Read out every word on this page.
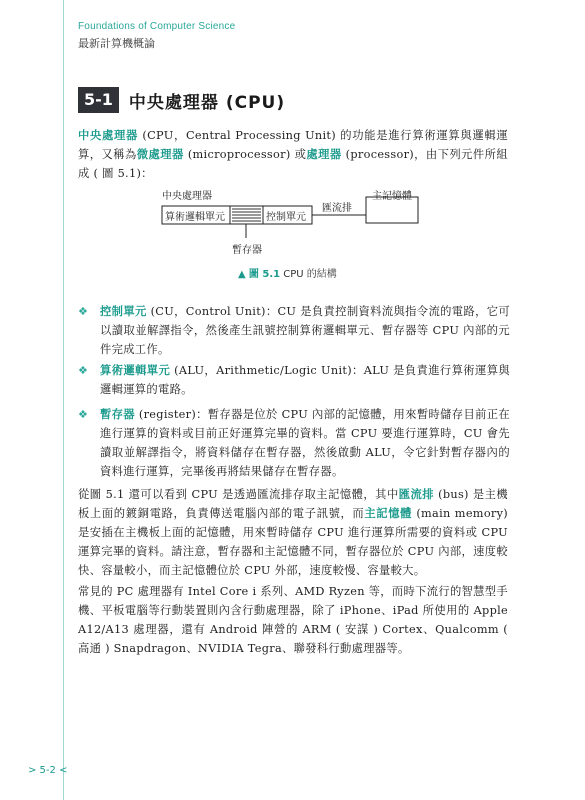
Foundations of Computer Science
最新計算機概論
5-1 中央處理器 (CPU)
中央處理器 (CPU，Central Processing Unit) 的功能是進行算術運算與邏輯運算，又稱為微處理器 (microprocessor) 或處理器 (processor)，由下列元件所組成 ( 圖 5.1)：
中央處理器
算術邏輯單元	控制單元
匯流排
主記憶體
暫存器
▲ 圖 5.1 CPU 的結構
❖ 控制單元 (CU，Control Unit)：CU 是負責控制資料流與指令流的電路，它可以讀取並解譯指令，然後產生訊號控制算術邏輯單元、暫存器等 CPU 內部的元件完成工作。
❖ 算術邏輯單元 (ALU，Arithmetic/Logic Unit)：ALU 是負責進行算術運算與邏輯運算的電路。
❖ 暫存器 (register)：暫存器是位於 CPU 內部的記憶體，用來暫時儲存目前正在進行運算的資料或目前正好運算完畢的資料。當 CPU 要進行運算時，CU 會先讀取並解譯指令，將資料儲存在暫存器，然後啟動 ALU，令它針對暫存器內的資料進行運算，完畢後再將結果儲存在暫存器。
從圖 5.1 還可以看到 CPU 是透過匯流排存取主記憶體，其中匯流排 (bus) 是主機板上面的鍍銅電路，負責傳送電腦內部的電子訊號，而主記憶體 (main memory) 是安插在主機板上面的記憶體，用來暫時儲存 CPU 進行運算所需要的資料或 CPU 運算完畢的資料。請注意，暫存器和主記憶體不同，暫存器位於 CPU 內部，速度較快、容量較小，而主記憶體位於 CPU 外部，速度較慢、容量較大。
常見的 PC 處理器有 Intel Core i 系列、AMD Ryzen 等，而時下流行的智慧型手機、平板電腦等行動裝置則內含行動處理器，除了 iPhone、iPad 所使用的 Apple A12/A13 處理器，還有 Android 陣營的 ARM ( 安謀 ) Cortex、Qualcomm ( 高通 ) Snapdragon、NVIDIA Tegra、聯發科行動處理器等。
> 5-2 <
